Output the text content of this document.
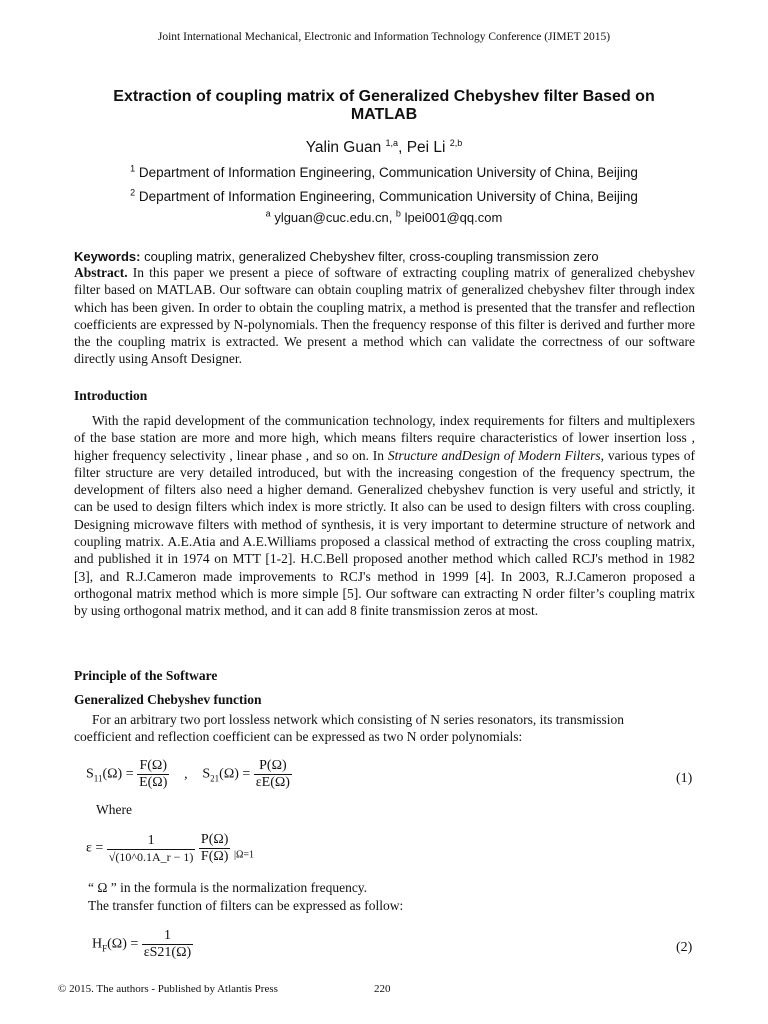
Joint International Mechanical, Electronic and Information Technology Conference (JIMET 2015)
Extraction of coupling matrix of Generalized Chebyshev filter Based on
MATLAB
Yalin Guan $^{1,a}$, Pei Li $^{2,b}$
$^1$ Department of Information Engineering, Communication University of China, Beijing
$^2$ Department of Information Engineering, Communication University of China, Beijing
$^a$ ylguan@cuc.edu.cn, $^b$ lpei001@qq.com
Keywords: coupling matrix, generalized Chebyshev filter, cross-coupling transmission zero
Abstract. In this paper we present a piece of software of extracting coupling matrix of generalized chebyshev filter based on MATLAB. Our software can obtain coupling matrix of generalized chebyshev filter through index which has been given. In order to obtain the coupling matrix, a method is presented that the transfer and reflection coefficients are expressed by N-polynomials. Then the frequency response of this filter is derived and further more the the coupling matrix is extracted. We present a method which can validate the correctness of our software directly using Ansoft Designer.
Introduction
With the rapid development of the communication technology, index requirements for filters and multiplexers of the base station are more and more high, which means filters require characteristics of lower insertion loss , higher frequency selectivity , linear phase , and so on. In Structure andDesign of Modern Filters, various types of filter structure are very detailed introduced, but with the increasing congestion of the frequency spectrum, the development of filters also need a higher demand. Generalized chebyshev function is very useful and strictly, it can be used to design filters which index is more strictly. It also can be used to design filters with cross coupling. Designing microwave filters with method of synthesis, it is very important to determine structure of network and coupling matrix. A.E.Atia and A.E.Williams proposed a classical method of extracting the cross coupling matrix, and published it in 1974 on MTT [1-2]. H.C.Bell proposed another method which called RCJ's method in 1982 [3], and R.J.Cameron made improvements to RCJ's method in 1999 [4]. In 2003, R.J.Cameron proposed a orthogonal matrix method which is more simple [5]. Our software can extracting N order filter’s coupling matrix by using orthogonal matrix method, and it can add 8 finite transmission zeros at most.
Principle of the Software
Generalized Chebyshev function
For an arbitrary two port lossless network which consisting of N series resonators, its transmission
coefficient and reflection coefficient can be expressed as two N order polynomials:
$S_{11}(\Omega) = \frac{F(\Omega)}{E(\Omega)}$ , $S_{21}(\Omega) = \frac{P(\Omega)}{\varepsilon E(\Omega)}$	(1)
Where
$\varepsilon = \frac{1}{√(10\^{}0.1A\_r - 1)}$
$\frac{P(\Omega)}{F(\Omega)} _{|\Omega=1}$
“ Ω ” in the formula is the normalization frequency.
The transfer function of filters can be expressed as follow:
$H_F(\Omega) = \frac{1}{\varepsilon S21(\Omega)}$	(2)
© 2015. The authors - Published by Atlantis Press	220
